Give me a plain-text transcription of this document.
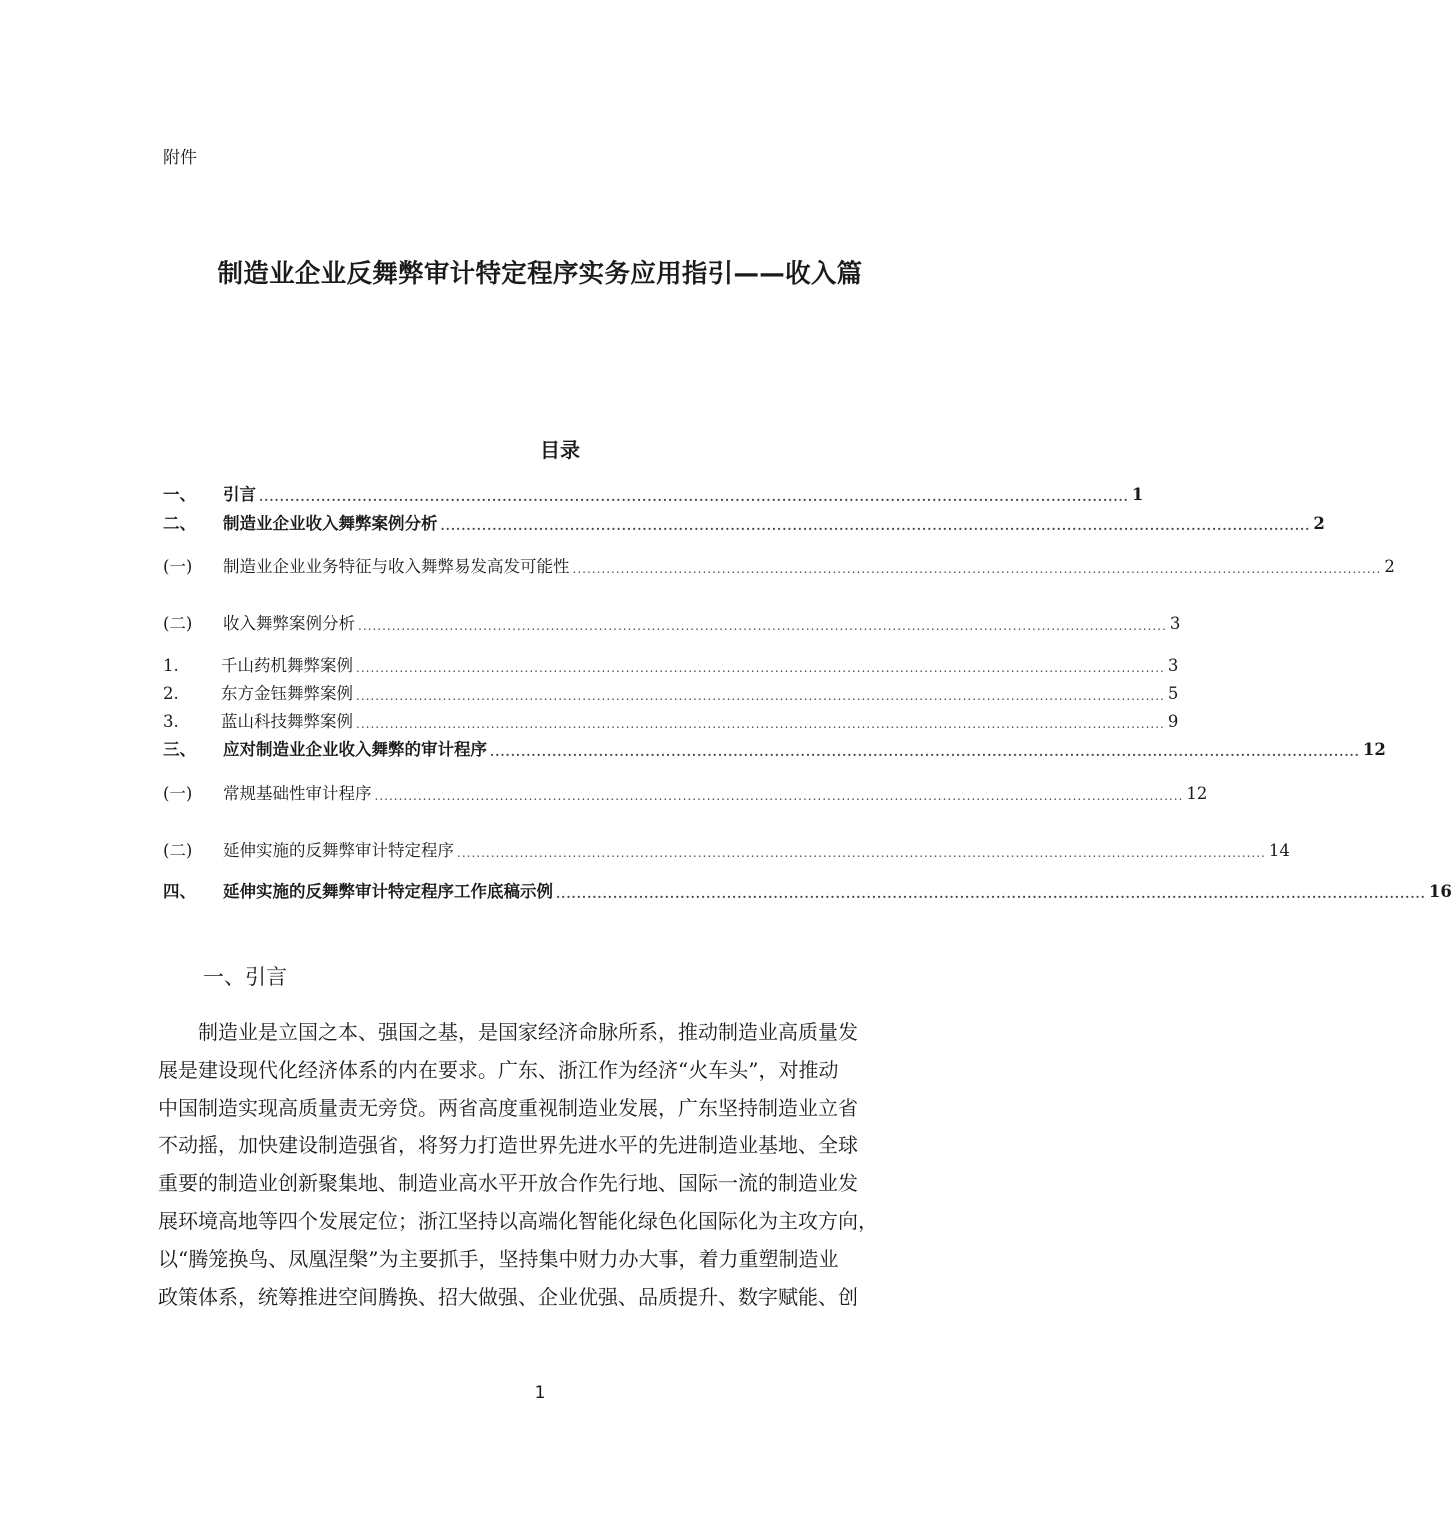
附件
制造业企业反舞弊审计特定程序实务应用指引——收入篇
目录
一、	引言 ........................................................................................................................................................................ 1
二、	制造业企业收入舞弊案例分析 ........................................................................................................................................................................ 2
(一)	制造业企业业务特征与收入舞弊易发高发可能性 ........................................................................................................................................................................ 2
(二)	收入舞弊案例分析 ........................................................................................................................................................................ 3
1.	千山药机舞弊案例 ........................................................................................................................................................................ 3
2.	东方金钰舞弊案例 ........................................................................................................................................................................ 5
3.	蓝山科技舞弊案例 ........................................................................................................................................................................ 9
三、	应对制造业企业收入舞弊的审计程序 ........................................................................................................................................................................ 12
(一)	常规基础性审计程序 ........................................................................................................................................................................ 12
(二)	延伸实施的反舞弊审计特定程序 ........................................................................................................................................................................ 14
四、	延伸实施的反舞弊审计特定程序工作底稿示例 ........................................................................................................................................................................ 16
一、引言
制造业是立国之本、强国之基，是国家经济命脉所系，推动制造业高质量发
展是建设现代化经济体系的内在要求。广东、浙江作为经济“火车头”，对推动
中国制造实现高质量责无旁贷。两省高度重视制造业发展，广东坚持制造业立省
不动摇，加快建设制造强省，将努力打造世界先进水平的先进制造业基地、全球
重要的制造业创新聚集地、制造业高水平开放合作先行地、国际一流的制造业发
展环境高地等四个发展定位；浙江坚持以高端化智能化绿色化国际化为主攻方向，
以“腾笼换鸟、凤凰涅槃”为主要抓手，坚持集中财力办大事，着力重塑制造业
政策体系，统筹推进空间腾换、招大做强、企业优强、品质提升、数字赋能、创
1
